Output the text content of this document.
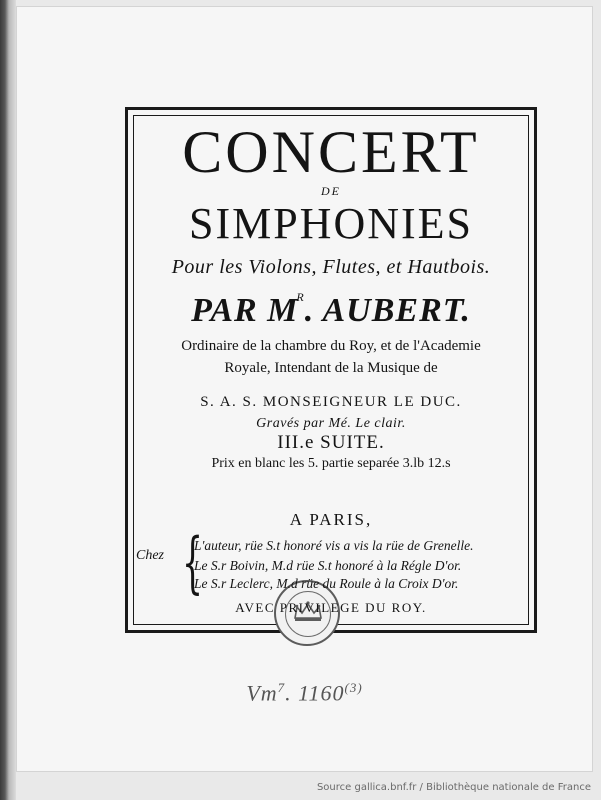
CONCERT
DE
SIMPHONIES
Pour les Violons, Flutes, et Hautbois.
PAR $M^R$. AUBERT.
Ordinaire de la chambre du Roy, et de l'Academie
Royale, Intendant de la Musique de
S. A. S. MONSEIGNEUR LE DUC.
Gravés par Mé. Le clair.
III.e SUITE.
Prix en blanc les 5. partie separée 3.lb 12.s
A PARIS,
Chez {
L'auteur, rüe S.t honoré vis a vis la rüe de Grenelle.
Le S.r Boivin, M.d rüe S.t honoré à la Régle D'or.
Le S.r Leclerc, M.d rüe du Roule à la Croix D'or.
AVEC PRIVILEGE DU ROY.
Vm$^7$. 1160$^{(3)}$
Source gallica.bnf.fr / Bibliothèque nationale de France
